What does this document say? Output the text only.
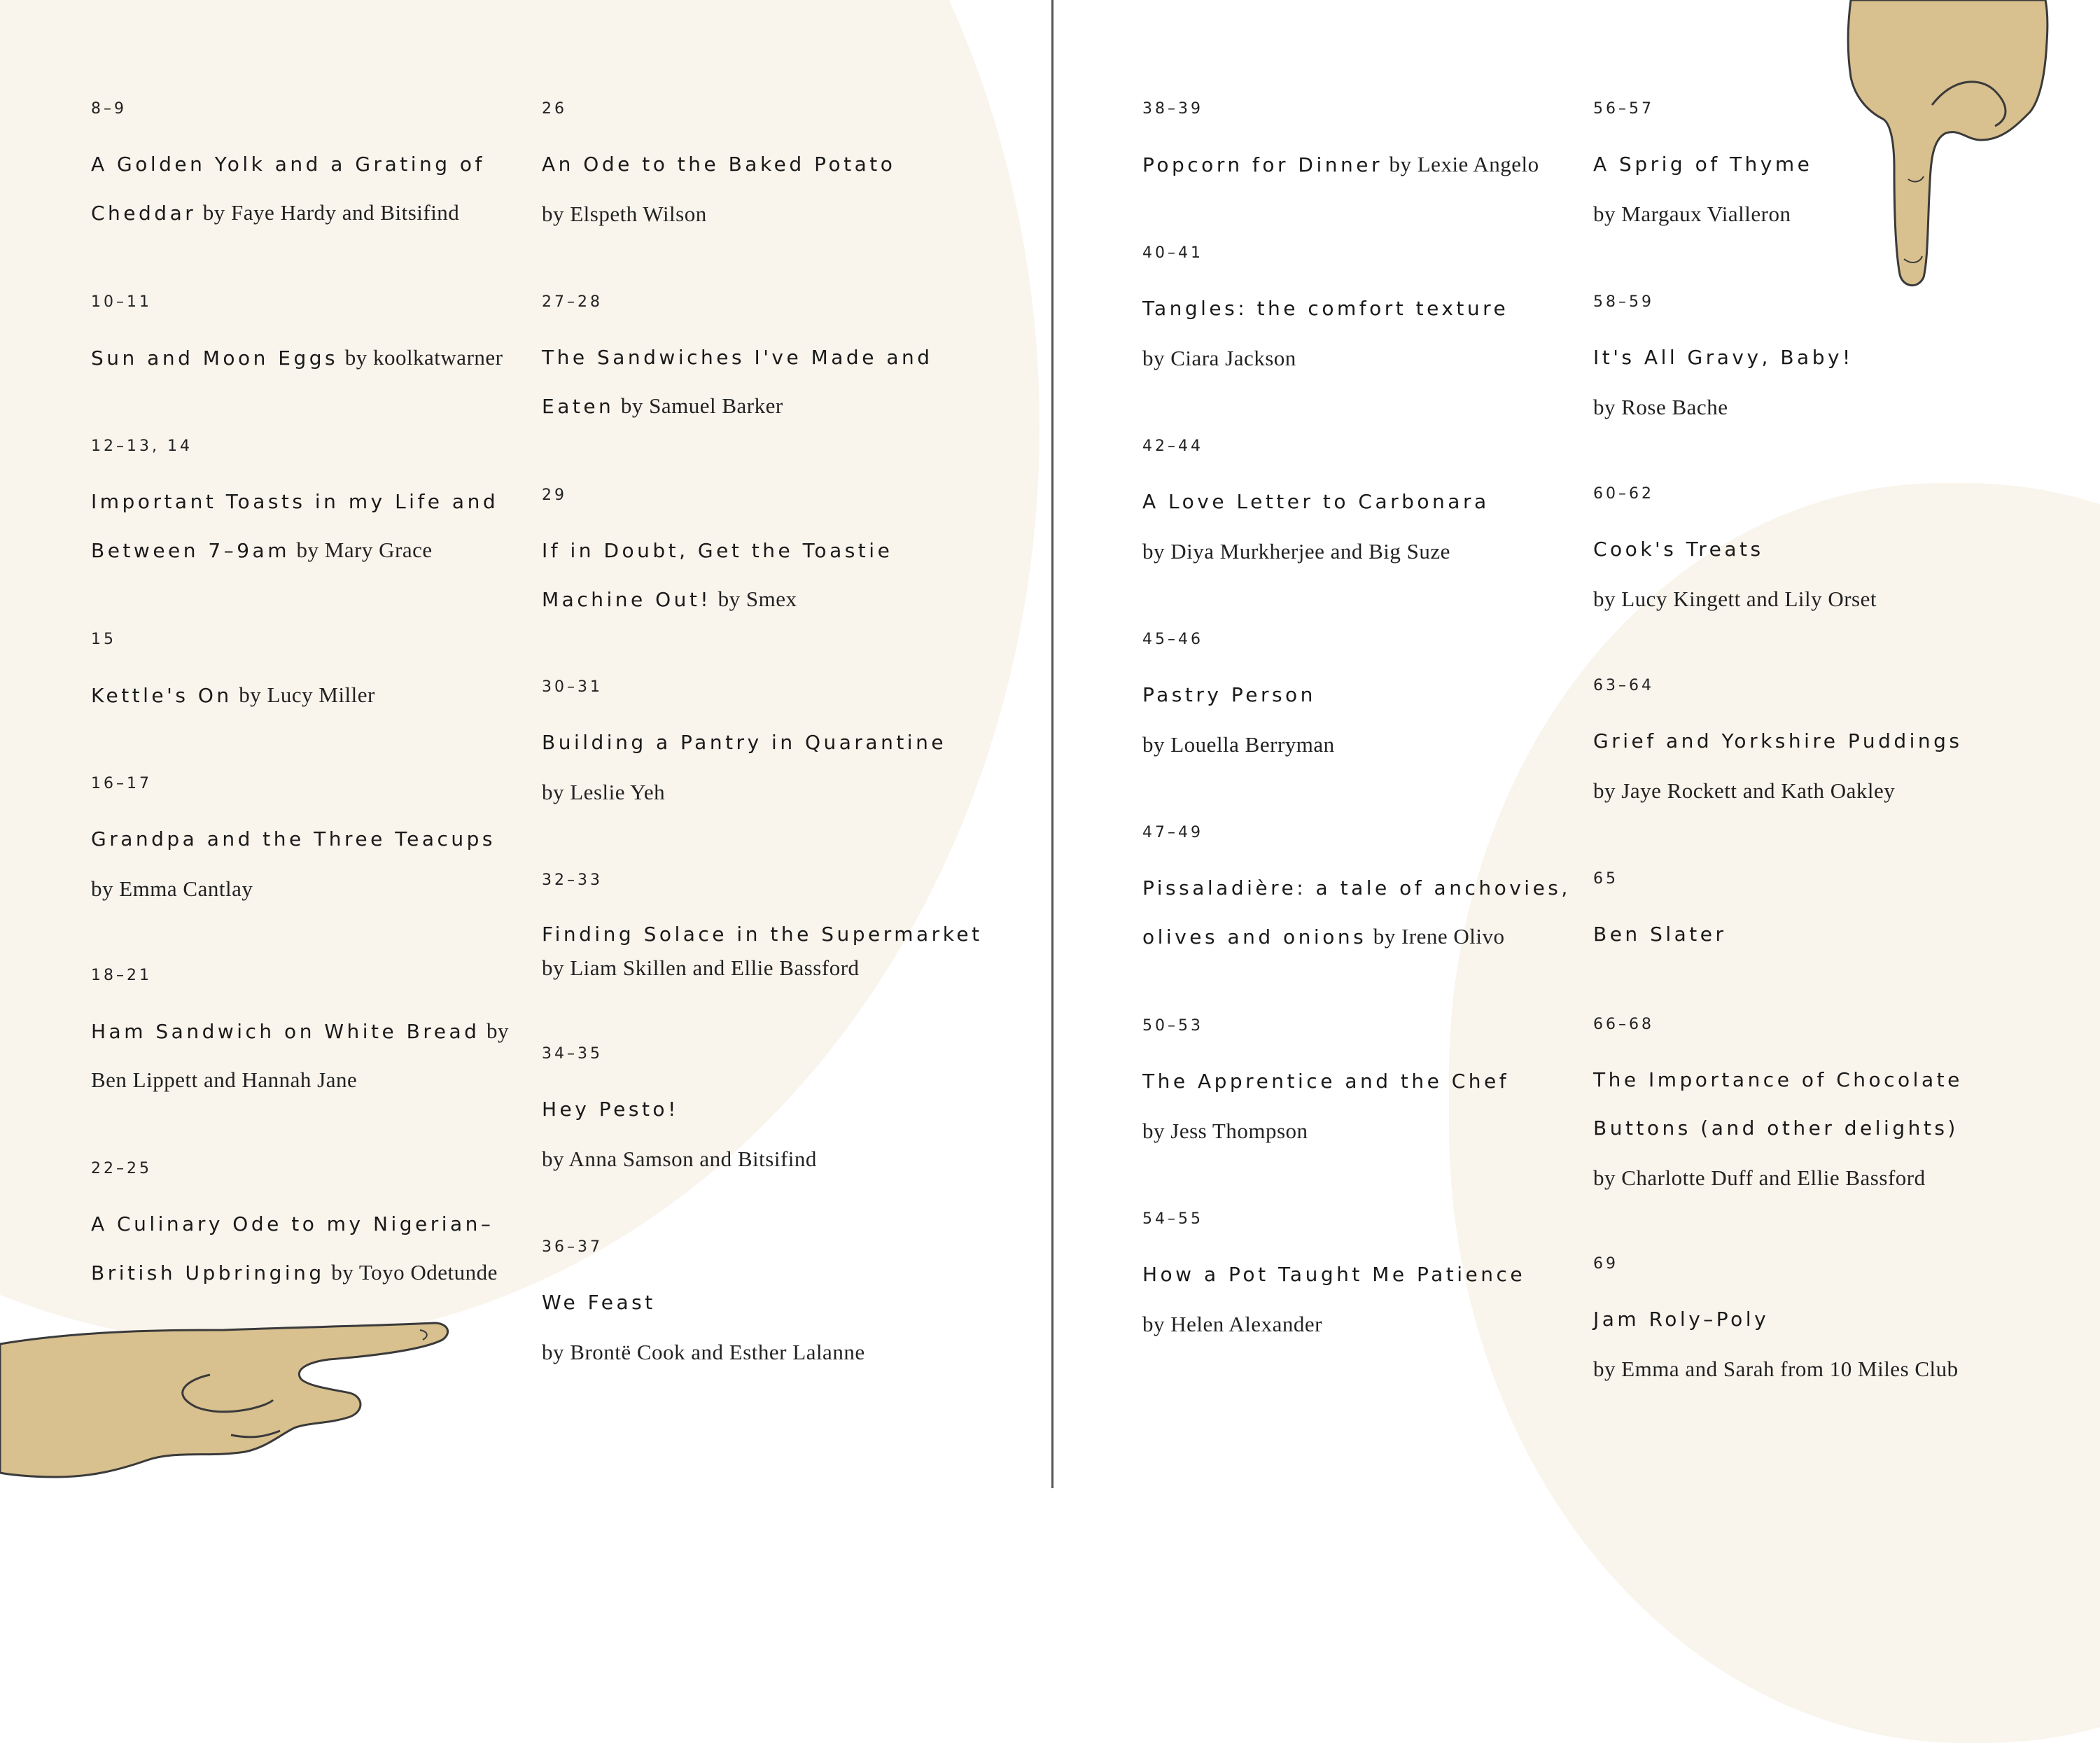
8–9
A Golden Yolk and a Grating of Cheddar by Faye Hardy and Bitsifind
10–11
Sun and Moon Eggs by koolkatwarner
12–13, 14
Important Toasts in my Life and Between 7–9am by Mary Grace
15
Kettle's On by Lucy Miller
16–17
Grandpa and the Three Teacups
by Emma Cantlay
18–21
Ham Sandwich on White Bread by Ben Lippett and Hannah Jane
22–25
A Culinary Ode to my Nigerian–British Upbringing by Toyo Odetunde
26
An Ode to the Baked Potato
by Elspeth Wilson
27–28
The Sandwiches I've Made and Eaten by Samuel Barker
29
If in Doubt, Get the Toastie Machine Out! by Smex
30–31
Building a Pantry in Quarantine
by Leslie Yeh
32–33
Finding Solace in the Supermarket
by Liam Skillen and Ellie Bassford
34–35
Hey Pesto!
by Anna Samson and Bitsifind
36–37
We Feast
by Brontë Cook and Esther Lalanne
38–39
Popcorn for Dinner by Lexie Angelo
40–41
Tangles: the comfort texture
by Ciara Jackson
42–44
A Love Letter to Carbonara
by Diya Murkherjee and Big Suze
45–46
Pastry Person
by Louella Berryman
47–49
Pissaladière: a tale of anchovies, olives and onions by Irene Olivo
50–53
The Apprentice and the Chef
by Jess Thompson
54–55
How a Pot Taught Me Patience
by Helen Alexander
56–57
A Sprig of Thyme
by Margaux Vialleron
58–59
It's All Gravy, Baby!
by Rose Bache
60–62
Cook's Treats
by Lucy Kingett and Lily Orset
63–64
Grief and Yorkshire Puddings
by Jaye Rockett and Kath Oakley
65
Ben Slater
66–68
The Importance of Chocolate Buttons (and other delights)
by Charlotte Duff and Ellie Bassford
69
Jam Roly–Poly
by Emma and Sarah from 10 Miles Club
